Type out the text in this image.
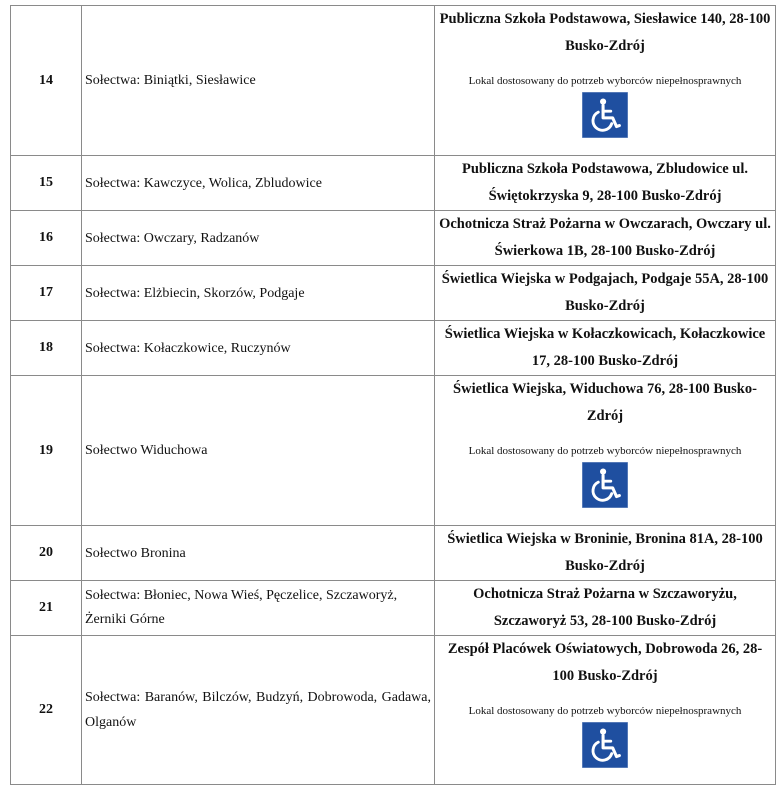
14	Sołectwa: Biniątki, Siesławice	Publiczna Szkoła Podstawowa, Siesławice 140, 28-100 Busko-Zdrój
Lokal dostosowany do potrzeb wyborców niepełnosprawnych

15	Sołectwa: Kawczyce, Wolica, Zbludowice	Publiczna Szkoła Podstawowa, Zbludowice ul. Świętokrzyska 9, 28-100 Busko-Zdrój
16	Sołectwa: Owczary, Radzanów	Ochotnicza Straż Pożarna w Owczarach, Owczary ul. Świerkowa 1B, 28-100 Busko-Zdrój
17	Sołectwa: Elżbiecin, Skorzów, Podgaje	Świetlica Wiejska w Podgajach, Podgaje 55A, 28-100 Busko-Zdrój
18	Sołectwa: Kołaczkowice, Ruczynów	Świetlica Wiejska w Kołaczkowicach, Kołaczkowice 17, 28-100 Busko-Zdrój
19	Sołectwo Widuchowa	Świetlica Wiejska, Widuchowa 76, 28-100 Busko-Zdrój
Lokal dostosowany do potrzeb wyborców niepełnosprawnych

20	Sołectwo Bronina	Świetlica Wiejska w Broninie, Bronina 81A, 28-100 Busko-Zdrój
21	Sołectwa: Błoniec, Nowa Wieś, Pęczelice, Szczaworyż, Żerniki Górne	Ochotnicza Straż Pożarna w Szczaworyżu, Szczaworyż 53, 28-100 Busko-Zdrój
22	Sołectwa: Baranów, Bilczów, Budzyń, Dobrowoda, Gadawa, Olganów	Zespół Placówek Oświatowych, Dobrowoda 26, 28-100 Busko-Zdrój
Lokal dostosowany do potrzeb wyborców niepełnosprawnych
